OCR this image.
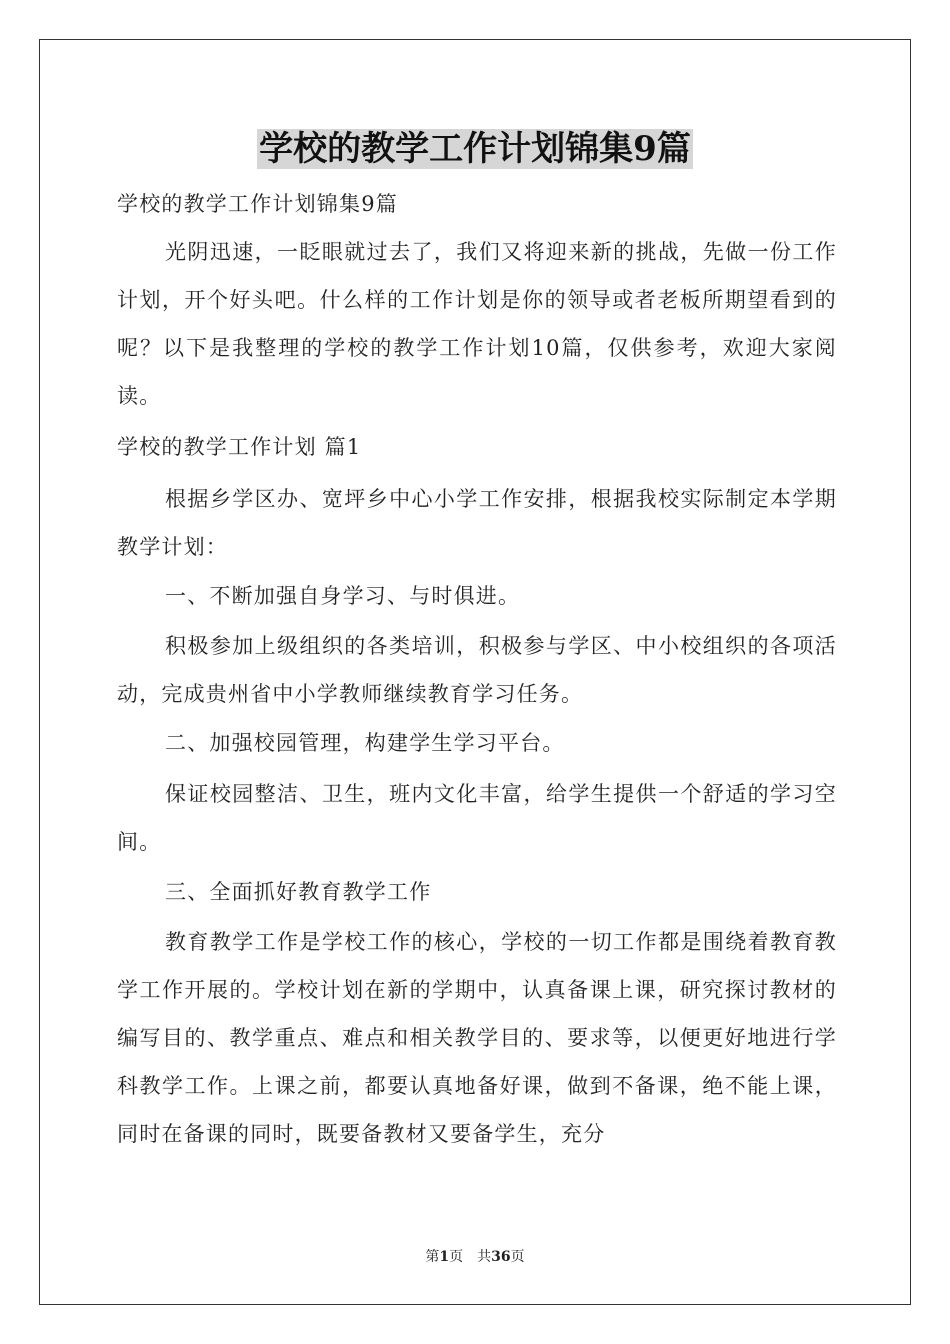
学校的教学工作计划锦集9篇

学校的教学工作计划锦集9篇

光阴迅速，一眨眼就过去了，我们又将迎来新的挑战，先做一份工作计划，开个好头吧。什么样的工作计划是你的领导或者老板所期望看到的呢？以下是我整理的学校的教学工作计划10篇，仅供参考，欢迎大家阅读。

学校的教学工作计划 篇1

根据乡学区办、宽坪乡中心小学工作安排，根据我校实际制定本学期教学计划：

一、不断加强自身学习、与时俱进。

积极参加上级组织的各类培训，积极参与学区、中小校组织的各项活动，完成贵州省中小学教师继续教育学习任务。

二、加强校园管理，构建学生学习平台。

保证校园整洁、卫生，班内文化丰富，给学生提供一个舒适的学习空间。

三、全面抓好教育教学工作

教育教学工作是学校工作的核心，学校的一切工作都是围绕着教育教学工作开展的。学校计划在新的学期中，认真备课上课，研究探讨教材的编写目的、教学重点、难点和相关教学目的、要求等，以便更好地进行学科教学工作。上课之前，都要认真地备好课，做到不备课，绝不能上课，同时在备课的同时，既要备教材又要备学生，充分

第1页　共36页
